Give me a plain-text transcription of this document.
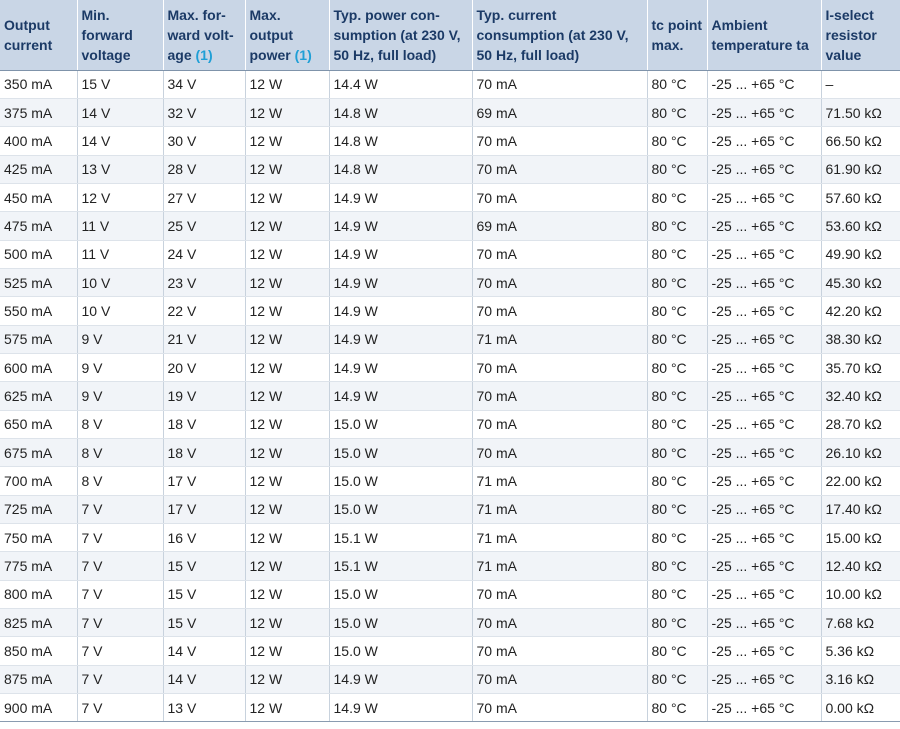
Output
current	Min.
forward
voltage	Max. for-
ward volt-
age (1)	Max.
output
power (1)	Typ. power con-
sumption (at 230 V,
50 Hz, full load)	Typ. current
consumption (at 230 V,
50 Hz, full load)	tc point
max.	Ambient
temperature ta	I-select
resistor
value
350 mA	15 V	34 V	12 W	14.4 W	70 mA	80 °C	-25 ... +65 °C	–
375 mA	14 V	32 V	12 W	14.8 W	69 mA	80 °C	-25 ... +65 °C	71.50 kΩ
400 mA	14 V	30 V	12 W	14.8 W	70 mA	80 °C	-25 ... +65 °C	66.50 kΩ
425 mA	13 V	28 V	12 W	14.8 W	70 mA	80 °C	-25 ... +65 °C	61.90 kΩ
450 mA	12 V	27 V	12 W	14.9 W	70 mA	80 °C	-25 ... +65 °C	57.60 kΩ
475 mA	11 V	25 V	12 W	14.9 W	69 mA	80 °C	-25 ... +65 °C	53.60 kΩ
500 mA	11 V	24 V	12 W	14.9 W	70 mA	80 °C	-25 ... +65 °C	49.90 kΩ
525 mA	10 V	23 V	12 W	14.9 W	70 mA	80 °C	-25 ... +65 °C	45.30 kΩ
550 mA	10 V	22 V	12 W	14.9 W	70 mA	80 °C	-25 ... +65 °C	42.20 kΩ
575 mA	9 V	21 V	12 W	14.9 W	71 mA	80 °C	-25 ... +65 °C	38.30 kΩ
600 mA	9 V	20 V	12 W	14.9 W	70 mA	80 °C	-25 ... +65 °C	35.70 kΩ
625 mA	9 V	19 V	12 W	14.9 W	70 mA	80 °C	-25 ... +65 °C	32.40 kΩ
650 mA	8 V	18 V	12 W	15.0 W	70 mA	80 °C	-25 ... +65 °C	28.70 kΩ
675 mA	8 V	18 V	12 W	15.0 W	70 mA	80 °C	-25 ... +65 °C	26.10 kΩ
700 mA	8 V	17 V	12 W	15.0 W	71 mA	80 °C	-25 ... +65 °C	22.00 kΩ
725 mA	7 V	17 V	12 W	15.0 W	71 mA	80 °C	-25 ... +65 °C	17.40 kΩ
750 mA	7 V	16 V	12 W	15.1 W	71 mA	80 °C	-25 ... +65 °C	15.00 kΩ
775 mA	7 V	15 V	12 W	15.1 W	71 mA	80 °C	-25 ... +65 °C	12.40 kΩ
800 mA	7 V	15 V	12 W	15.0 W	70 mA	80 °C	-25 ... +65 °C	10.00 kΩ
825 mA	7 V	15 V	12 W	15.0 W	70 mA	80 °C	-25 ... +65 °C	7.68 kΩ
850 mA	7 V	14 V	12 W	15.0 W	70 mA	80 °C	-25 ... +65 °C	5.36 kΩ
875 mA	7 V	14 V	12 W	14.9 W	70 mA	80 °C	-25 ... +65 °C	3.16 kΩ
900 mA	7 V	13 V	12 W	14.9 W	70 mA	80 °C	-25 ... +65 °C	0.00 kΩ
